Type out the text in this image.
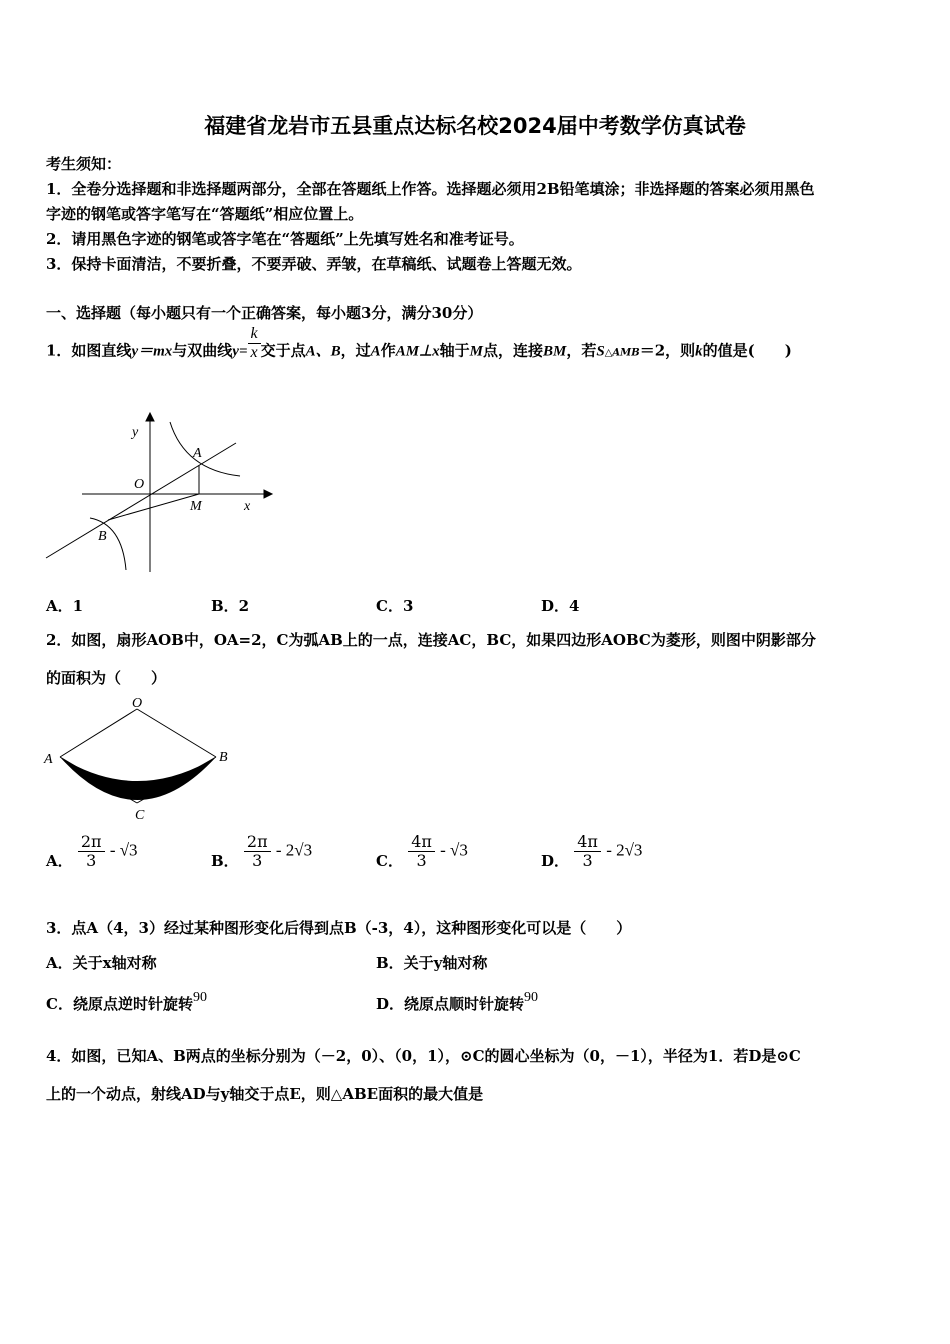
福建省龙岩市五县重点达标名校2024届中考数学仿真试卷
考生须知：
1．全卷分选择题和非选择题两部分，全部在答题纸上作答。选择题必须用2B铅笔填涂；非选择题的答案必须用黑色
字迹的钢笔或答字笔写在“答题纸”相应位置上。
2．请用黑色字迹的钢笔或答字笔在“答题纸”上先填写姓名和准考证号。
3．保持卡面清洁，不要折叠，不要弄破、弄皱，在草稿纸、试题卷上答题无效。
一、选择题（每小题只有一个正确答案，每小题3分，满分30分）
1．如图直线y＝mx与双曲线$y= \frac{k}{x}$ 交于点A、B，过A作AM⊥x轴于M点，连接BM，若S△AMB＝2，则k的值是(　　)
y
O
A
M	x
B
A．1	B．2	C．3	D．4
2．如图，扇形AOB中，OA=2，C为弧AB上的一点，连接AC，BC，如果四边形AOBC为菱形，则图中阴影部分
的面积为（　　）
O
A	B
C
A． $\frac{2\pi}{3} - √3$
B． $\frac{2\pi}{3} - 2√3$
C． $\frac{4\pi}{3} - √3$
D． $\frac{4\pi}{3} - 2√3$
3．点A（4，3）经过某种图形变化后得到点B（-3，4），这种图形变化可以是（　　）
A．关于x轴对称	B．关于y轴对称
C．绕原点逆时针旋转90	D．绕原点顺时针旋转90
4．如图，已知A、B两点的坐标分别为（－2，0）、（0，1），⊙C的圆心坐标为（0，－1），半径为1．若D是⊙C
上的一个动点，射线AD与y轴交于点E，则△ABE面积的最大值是
